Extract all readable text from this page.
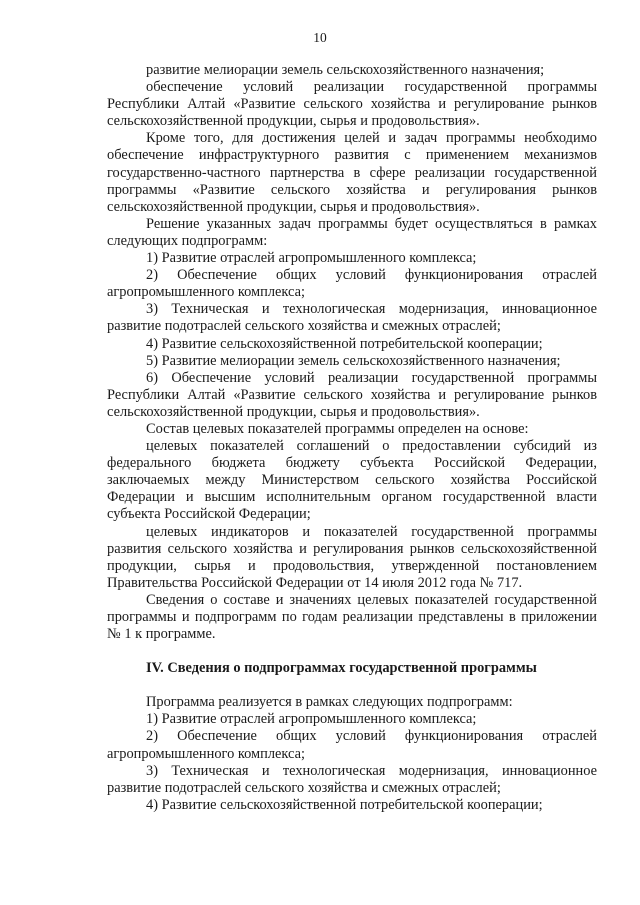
10

развитие мелиорации земель сельскохозяйственного назначения;

обеспечение условий реализации государственной программы Республики Алтай «Развитие сельского хозяйства и регулирование рынков сельскохозяйственной продукции, сырья и продовольствия».

Кроме того, для достижения целей и задач программы необходимо обеспечение инфраструктурного развития с применением механизмов государственно-частного партнерства в сфере реализации государственной программы «Развитие сельского хозяйства и регулирования рынков сельскохозяйственной продукции, сырья и продовольствия».

Решение указанных задач программы будет осуществляться в рамках следующих подпрограмм:

1) Развитие отраслей агропромышленного комплекса;

2) Обеспечение общих условий функционирования отраслей агропромышленного комплекса;

3) Техническая и технологическая модернизация, инновационное развитие подотраслей сельского хозяйства и смежных отраслей;

4) Развитие сельскохозяйственной потребительской кооперации;

5) Развитие мелиорации земель сельскохозяйственного назначения;

6) Обеспечение условий реализации государственной программы Республики Алтай «Развитие сельского хозяйства и регулирование рынков сельскохозяйственной продукции, сырья и продовольствия».

Состав целевых показателей программы определен на основе:

целевых показателей соглашений о предоставлении субсидий из федерального бюджета бюджету субъекта Российской Федерации, заключаемых между Министерством сельского хозяйства Российской Федерации и высшим исполнительным органом государственной власти субъекта Российской Федерации;

целевых индикаторов и показателей государственной программы развития сельского хозяйства и регулирования рынков сельскохозяйственной продукции, сырья и продовольствия, утвержденной постановлением Правительства Российской Федерации от 14 июля 2012 года № 717.

Сведения о составе и значениях целевых показателей государственной программы и подпрограмм по годам реализации представлены в приложении № 1 к программе.

IV. Сведения о подпрограммах государственной программы

Программа реализуется в рамках следующих подпрограмм:

1) Развитие отраслей агропромышленного комплекса;

2) Обеспечение общих условий функционирования отраслей агропромышленного комплекса;

3) Техническая и технологическая модернизация, инновационное развитие подотраслей сельского хозяйства и смежных отраслей;

4) Развитие сельскохозяйственной потребительской кооперации;
